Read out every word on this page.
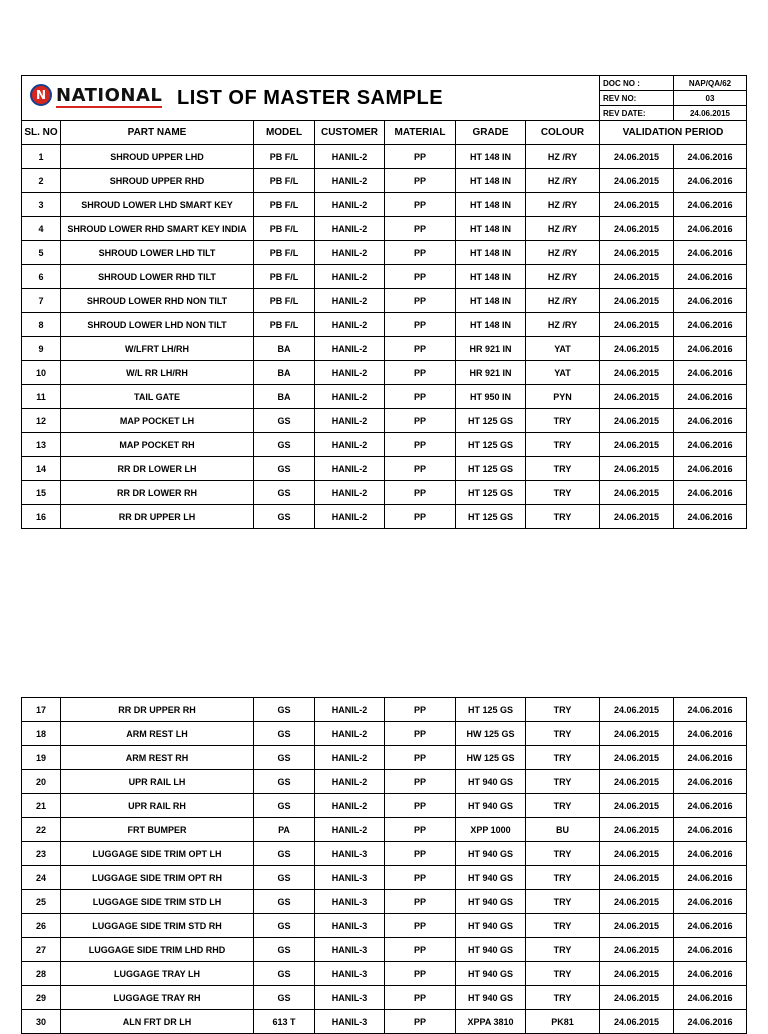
N NATIONAL LIST OF MASTER SAMPLE							DOC NO :	NAP/QA/62
							REV NO:	03
							REV DATE:	24.06.2015
SL. NO	PART NAME	MODEL	CUSTOMER	MATERIAL	GRADE	COLOUR	VALIDATION PERIOD	
1	SHROUD UPPER LHD	PB F/L	HANIL-2	PP	HT 148 IN	HZ /RY	24.06.2015	24.06.2016
2	SHROUD UPPER RHD	PB F/L	HANIL-2	PP	HT 148 IN	HZ /RY	24.06.2015	24.06.2016
3	SHROUD LOWER LHD SMART KEY	PB F/L	HANIL-2	PP	HT 148 IN	HZ /RY	24.06.2015	24.06.2016
4	SHROUD LOWER RHD SMART KEY INDIA	PB F/L	HANIL-2	PP	HT 148 IN	HZ /RY	24.06.2015	24.06.2016
5	SHROUD LOWER LHD TILT	PB F/L	HANIL-2	PP	HT 148 IN	HZ /RY	24.06.2015	24.06.2016
6	SHROUD LOWER RHD TILT	PB F/L	HANIL-2	PP	HT 148 IN	HZ /RY	24.06.2015	24.06.2016
7	SHROUD LOWER RHD NON TILT	PB F/L	HANIL-2	PP	HT 148 IN	HZ /RY	24.06.2015	24.06.2016
8	SHROUD LOWER LHD NON TILT	PB F/L	HANIL-2	PP	HT 148 IN	HZ /RY	24.06.2015	24.06.2016
9	W/LFRT LH/RH	BA	HANIL-2	PP	HR 921 IN	YAT	24.06.2015	24.06.2016
10	W/L RR LH/RH	BA	HANIL-2	PP	HR 921 IN	YAT	24.06.2015	24.06.2016
11	TAIL GATE	BA	HANIL-2	PP	HT 950 IN	PYN	24.06.2015	24.06.2016
12	MAP POCKET LH	GS	HANIL-2	PP	HT 125 GS	TRY	24.06.2015	24.06.2016
13	MAP POCKET RH	GS	HANIL-2	PP	HT 125 GS	TRY	24.06.2015	24.06.2016
14	RR DR LOWER LH	GS	HANIL-2	PP	HT 125 GS	TRY	24.06.2015	24.06.2016
15	RR DR LOWER RH	GS	HANIL-2	PP	HT 125 GS	TRY	24.06.2015	24.06.2016
16	RR DR UPPER LH	GS	HANIL-2	PP	HT 125 GS	TRY	24.06.2015	24.06.2016
17	RR DR UPPER RH	GS	HANIL-2	PP	HT 125 GS	TRY	24.06.2015	24.06.2016
18	ARM REST LH	GS	HANIL-2	PP	HW 125 GS	TRY	24.06.2015	24.06.2016
19	ARM REST RH	GS	HANIL-2	PP	HW 125 GS	TRY	24.06.2015	24.06.2016
20	UPR RAIL LH	GS	HANIL-2	PP	HT 940 GS	TRY	24.06.2015	24.06.2016
21	UPR RAIL RH	GS	HANIL-2	PP	HT 940 GS	TRY	24.06.2015	24.06.2016
22	FRT BUMPER	PA	HANIL-2	PP	XPP 1000	BU	24.06.2015	24.06.2016
23	LUGGAGE SIDE TRIM OPT LH	GS	HANIL-3	PP	HT 940 GS	TRY	24.06.2015	24.06.2016
24	LUGGAGE SIDE TRIM OPT RH	GS	HANIL-3	PP	HT 940 GS	TRY	24.06.2015	24.06.2016
25	LUGGAGE SIDE TRIM STD LH	GS	HANIL-3	PP	HT 940 GS	TRY	24.06.2015	24.06.2016
26	LUGGAGE SIDE TRIM STD RH	GS	HANIL-3	PP	HT 940 GS	TRY	24.06.2015	24.06.2016
27	LUGGAGE SIDE TRIM LHD RHD	GS	HANIL-3	PP	HT 940 GS	TRY	24.06.2015	24.06.2016
28	LUGGAGE TRAY LH	GS	HANIL-3	PP	HT 940 GS	TRY	24.06.2015	24.06.2016
29	LUGGAGE TRAY RH	GS	HANIL-3	PP	HT 940 GS	TRY	24.06.2015	24.06.2016
30	ALN FRT DR LH	613 T	HANIL-3	PP	XPPA 3810	PK81	24.06.2015	24.06.2016
